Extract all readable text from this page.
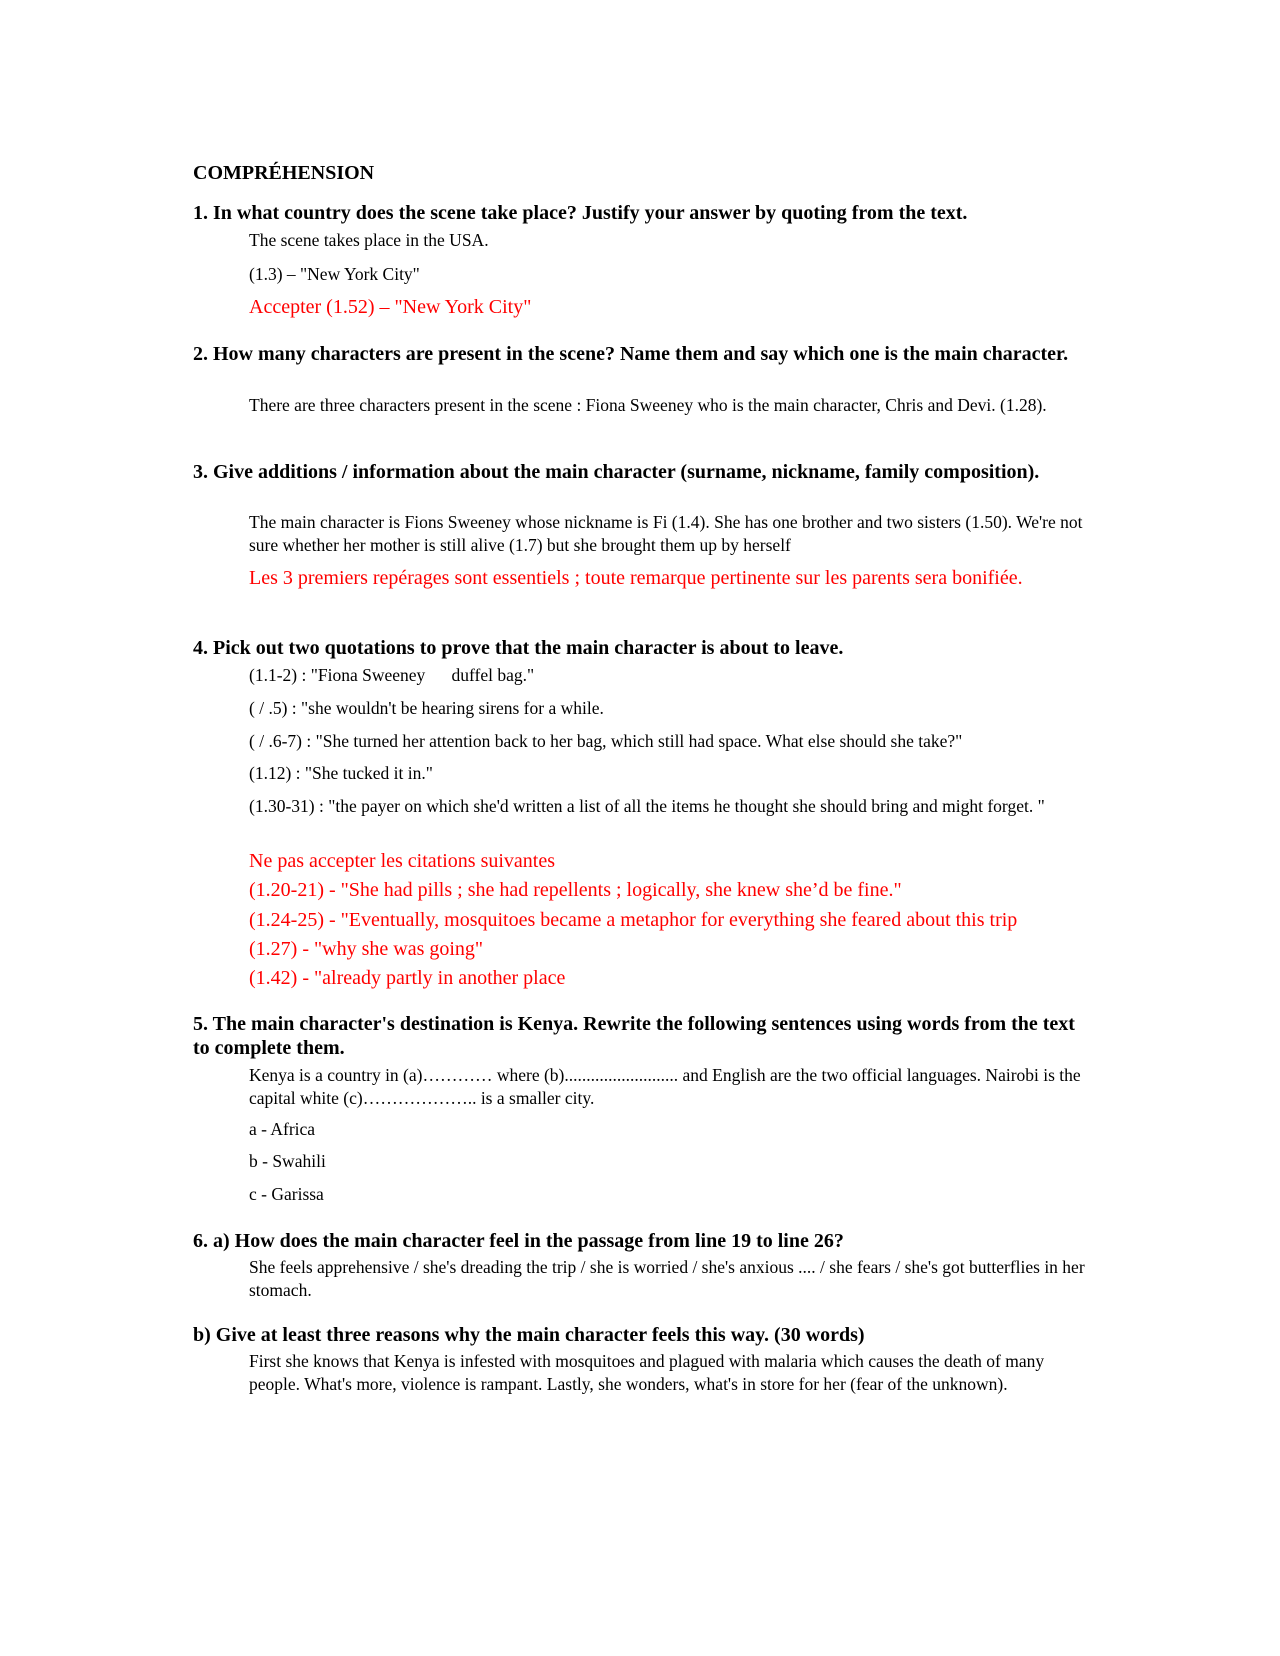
COMPRÉHENSION

1. In what country does the scene take place? Justify your answer by quoting from the text.

The scene takes place in the USA.

(1.3) – "New York City"

Accepter (1.52) – "New York City"

2. How many characters are present in the scene? Name them and say which one is the main character.

There are three characters present in the scene : Fiona Sweeney who is the main character, Chris and Devi. (1.28).

3. Give additions / information about the main character (surname, nickname, family composition).

The main character is Fions Sweeney whose nickname is Fi (1.4). She has one brother and two sisters (1.50). We're not sure whether her mother is still alive (1.7) but she brought them up by herself

Les 3 premiers repérages sont essentiels ; toute remarque pertinente sur les parents sera bonifiée.

4. Pick out two quotations to prove that the main character is about to leave.

(1.1-2) : "Fiona Sweeney      duffel bag."

( / .5) : "she wouldn't be hearing sirens for a while.

( / .6-7) : "She turned her attention back to her bag, which still had space. What else should she take?"

(1.12) : "She tucked it in."

(1.30-31) : "the payer on which she'd written a list of all the items he thought she should bring and might forget. "

Ne pas accepter les citations suivantes

(1.20-21) - "She had pills ; she had repellents ; logically, she knew she’d be fine."

(1.24-25) - "Eventually, mosquitoes became a metaphor for everything she feared about this trip

(1.27) - "why she was going"

(1.42) - "already partly in another place

5. The main character's destination is Kenya. Rewrite the following sentences using words from the text to complete them.

Kenya is a country in (a)………… where (b).......................... and English are the two official languages. Nairobi is the capital white (c)……………….. is a smaller city.

a - Africa

b - Swahili

c - Garissa

6. a) How does the main character feel in the passage from line 19 to line 26?

She feels apprehensive / she's dreading the trip / she is worried / she's anxious .... / she fears / she's got butterflies in her stomach.

b) Give at least three reasons why the main character feels this way. (30 words)

First she knows that Kenya is infested with mosquitoes and plagued with malaria which causes the death of many people. What's more, violence is rampant. Lastly, she wonders, what's in store for her (fear of the unknown).
